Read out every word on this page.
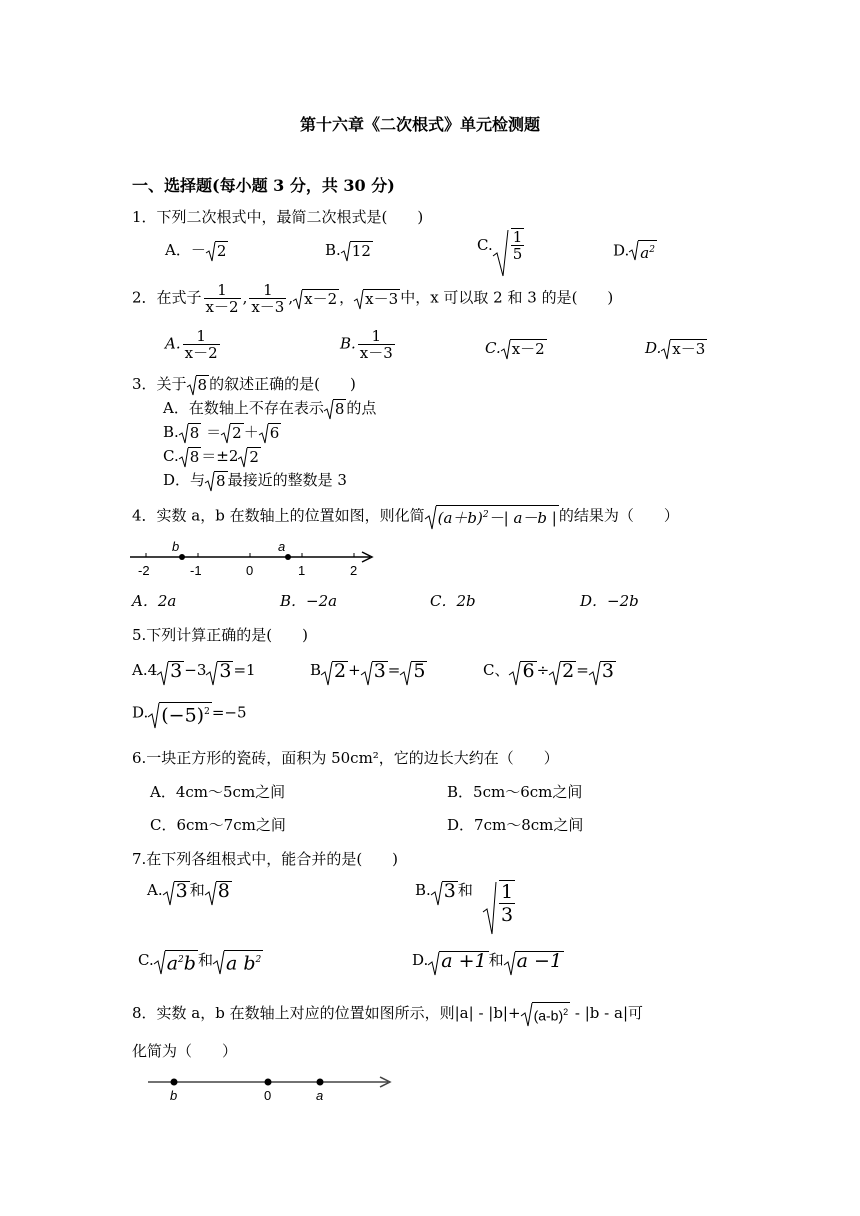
第十六章《二次根式》单元检测题
一、选择题(每小题 3 分，共 30 分)
1．下列二次根式中，最简二次根式是(　　)
A．－ 2	B. 12	C. $\frac{1}{5}$	D. $a^2$
2．在式子 $\frac{1}{x-2}$ , $\frac{1}{x-3}$ , x－2 ， x－3 中，x 可以取 2 和 3 的是(　　)
A. $\frac{1}{x-2}$	B. $\frac{1}{x-3}$	C. x－2	D. x－3
3．关于 8 的叙述正确的是(　　)
A．在数轴上不存在表示 8 的点
B. 8 ＝ 2 ＋ 6
C. 8 ＝±2 2
D．与 8 最接近的整数是 3
4．实数 a，b 在数轴上的位置如图，则化简 $(a+b)^2-|$ a－b | 的结果为（　　）
b	a
-2	-1	0	1	2
A．2a	B．−2a	C．2b	D．−2b
5.下列计算正确的是(　　)
A.4 3 −3 3 =1	B 2 + 3 = 5	C、 6 ÷ 2 = 3
D. $(-5)^2 =-5$
6.一块正方形的瓷砖，面积为 50cm²，它的边长大约在（　　）
A．4cm～5cm之间	B．5cm～6cm之间
C．6cm～7cm之间	D．7cm～8cm之间
7.在下列各组根式中，能合并的是(　　)
A. 3 和 8	B. 3 和 $\frac{1}{3}$
C. $a^2b$ 和 a $b^2$	D. a +1 和 a −1
8．实数 a，b 在数轴上对应的位置如图所示，则$|a| - |b|+ (a-b)^2 - |b - a|$可
化简为（　　）
b	0	a
